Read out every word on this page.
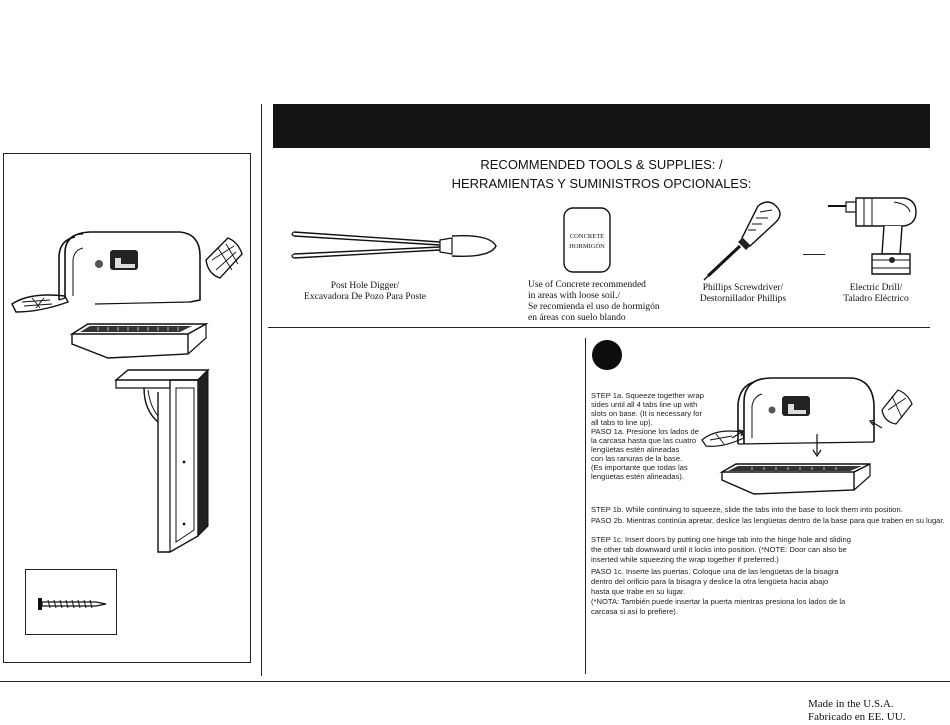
RECOMMENDED TOOLS & SUPPLIES: /
HERRAMIENTAS Y SUMINISTROS OPCIONALES:
Post Hole Digger/
Excavadora De Pozo Para Poste
CONCRETE
HORMIGÓN
Use of Concrete recommended
in areas with loose soil./
Se recomienda el uso de hormigón
en áreas con suelo blando
Phillips Screwdriver/
Destornillador Phillips
Electric Drill/
Taladro Eléctrico
STEP 1a. Squeeze together wrap
sides until all 4 tabs line up with
slots on base. (It is necessary for
all tabs to line up).
PASO 1a. Presione los lados de
la carcasa hasta que las cuatro
lengüetas estén alineadas
con las ranuras de la base.
(Es importante que todas las
lengüetas estén alineadas).
STEP 1b. While continuing to squeeze, slide the tabs into the base to lock them into position.
PASO 2b. Mientras continúa apretar, deslice las lengüetas dentro de la base para que traben en su lugar.
STEP 1c. Insert doors by putting one hinge tab into the hinge hole and sliding
the other tab downward until it locks into position. (*NOTE: Door can also be
inserted while squeezing the wrap together if preferred.)
PASO 1c. Inserte las puertas. Coloque una de las lengüetas de la bisagra
dentro del orificio para la bisagra y deslice la otra lengüeta hacia abajo
hasta que trabe en su lugar.
(*NOTA: También puede insertar la puerta mientras presiona los lados de la
carcasa si así lo prefiere).
Made in the U.S.A.
Fabricado en EE. UU.
